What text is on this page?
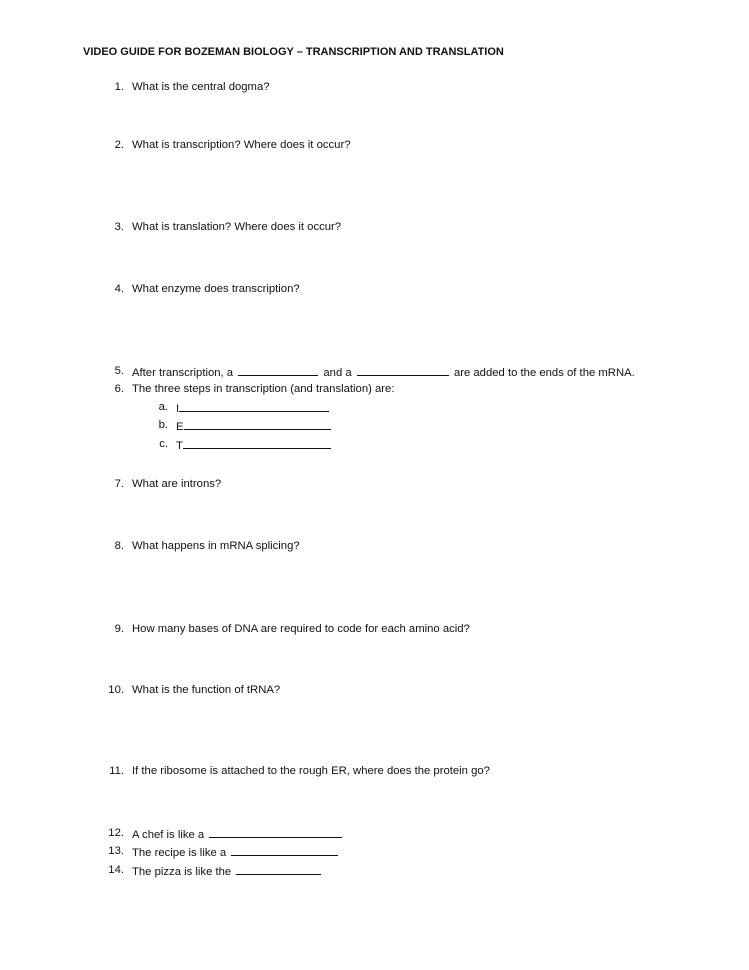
VIDEO GUIDE FOR BOZEMAN BIOLOGY – TRANSCRIPTION AND TRANSLATION
1. What is the central dogma?
2. What is transcription? Where does it occur?
3. What is translation? Where does it occur?
4. What enzyme does transcription?
5. After transcription, a	and a	are added to the ends of the mRNA.
6. The three steps in transcription (and translation) are:
a. I
b. E
c. T
7. What are introns?
8. What happens in mRNA splicing?
9. How many bases of DNA are required to code for each amino acid?
10. What is the function of tRNA?
11. If the ribosome is attached to the rough ER, where does the protein go?
12. A chef is like a
13. The recipe is like a
14. The pizza is like the
